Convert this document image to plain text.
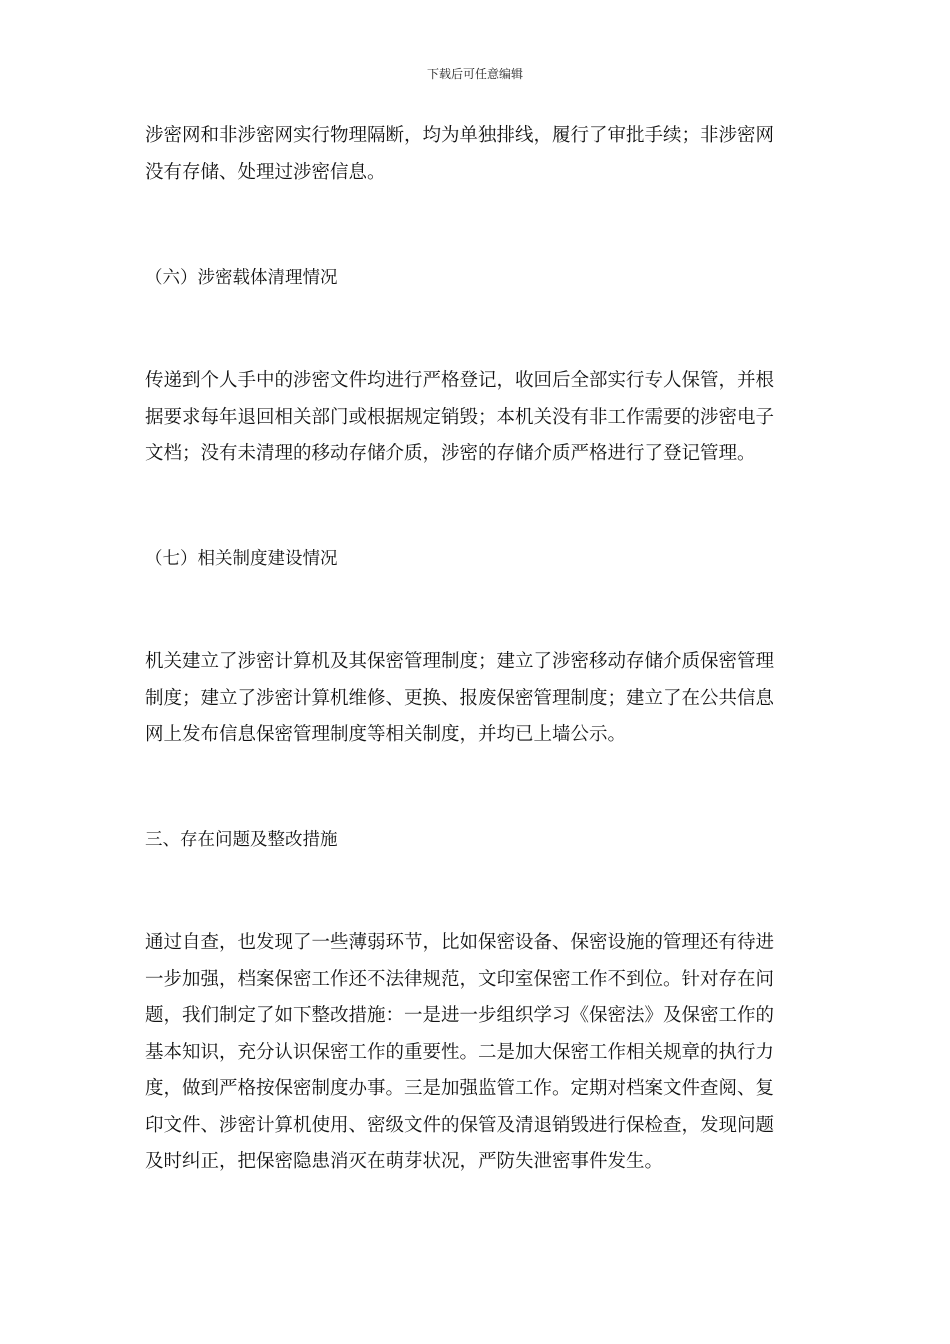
下载后可任意编辑
涉密网和非涉密网实行物理隔断，均为单独排线，履行了审批手续；非涉密网
没有存储、处理过涉密信息。
（六）涉密载体清理情况
传递到个人手中的涉密文件均进行严格登记，收回后全部实行专人保管，并根
据要求每年退回相关部门或根据规定销毁；本机关没有非工作需要的涉密电子
文档；没有未清理的移动存储介质，涉密的存储介质严格进行了登记管理。
（七）相关制度建设情况
机关建立了涉密计算机及其保密管理制度；建立了涉密移动存储介质保密管理
制度；建立了涉密计算机维修、更换、报废保密管理制度；建立了在公共信息
网上发布信息保密管理制度等相关制度，并均已上墙公示。
三、存在问题及整改措施
通过自查，也发现了一些薄弱环节，比如保密设备、保密设施的管理还有待进
一步加强，档案保密工作还不法律规范，文印室保密工作不到位。针对存在问
题，我们制定了如下整改措施：一是进一步组织学习《保密法》及保密工作的
基本知识，充分认识保密工作的重要性。二是加大保密工作相关规章的执行力
度，做到严格按保密制度办事。三是加强监管工作。定期对档案文件查阅、复
印文件、涉密计算机使用、密级文件的保管及清退销毁进行保检查，发现问题
及时纠正，把保密隐患消灭在萌芽状况，严防失泄密事件发生。
